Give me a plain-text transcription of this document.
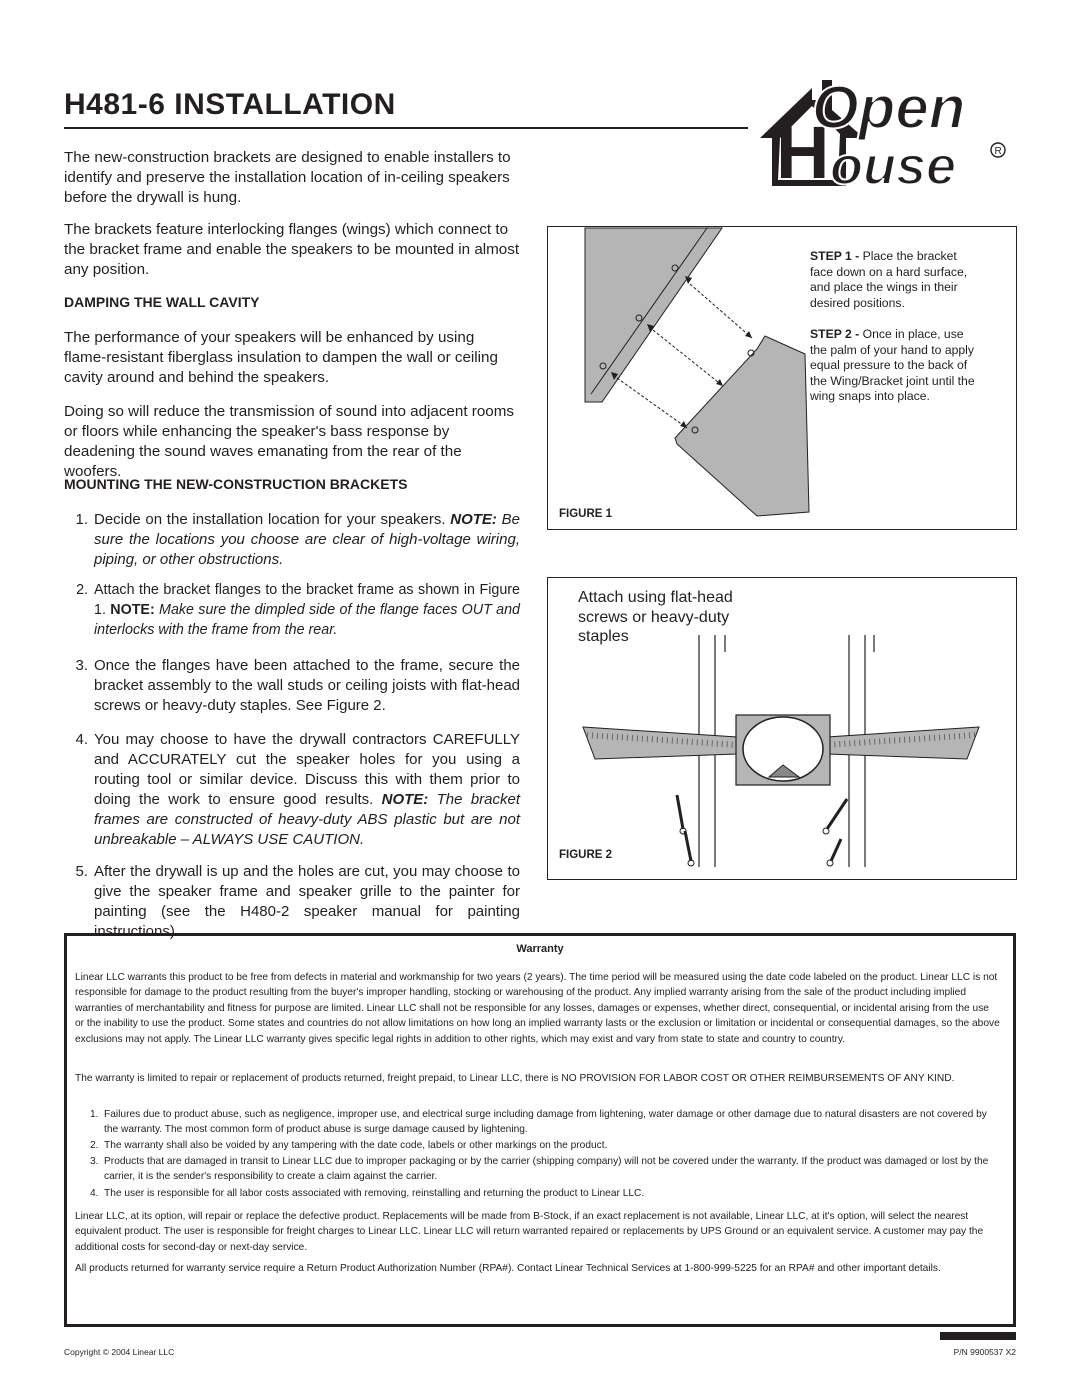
H481-6 INSTALLATION
H
Open
ouse	R

The new-construction brackets are designed to enable installers to identify and preserve the installation location of in-ceiling speakers before the drywall is hung.

The brackets feature interlocking flanges (wings) which connect to the bracket frame and enable the speakers to be mounted in almost any position.

DAMPING THE WALL CAVITY

The performance of your speakers will be enhanced by using flame-resistant fiberglass insulation to dampen the wall or ceiling cavity around and behind the speakers.

Doing so will reduce the transmission of sound into adjacent rooms or floors while enhancing the speaker's bass response by deadening the sound waves emanating from the rear of the woofers.

MOUNTING THE NEW-CONSTRUCTION BRACKETS
1. Decide on the installation location for your speakers. NOTE: Be sure the locations you choose are clear of high-voltage wiring, piping, or other obstructions.
2. Attach the bracket flanges to the bracket frame as shown in Figure 1. NOTE: Make sure the dimpled side of the flange faces OUT and interlocks with the frame from the rear.
3. Once the flanges have been attached to the frame, secure the bracket assembly to the wall studs or ceiling joists with flat-head screws or heavy-duty staples. See Figure 2.
4. You may choose to have the drywall contractors CAREFULLY and ACCURATELY cut the speaker holes for you using a routing tool or similar device. Discuss this with them prior to doing the work to ensure good results. NOTE: The bracket frames are constructed of heavy-duty ABS plastic but are not unbreakable – ALWAYS USE CAUTION.
5. After the drywall is up and the holes are cut, you may choose to give the speaker frame and speaker grille to the painter for painting (see the H480-2 speaker manual for painting instructions).
STEP 1 - Place the bracket face down on a hard surface, and place the wings in their desired positions.
STEP 2 - Once in place, use the palm of your hand to apply equal pressure to the back of the Wing/Bracket joint until the wing snaps into place.
FIGURE 1
Attach using flat-head screws or heavy-duty staples
FIGURE 2
Warranty

Linear LLC warrants this product to be free from defects in material and workmanship for two years (2 years). The time period will be measured using the date code labeled on the product. Linear LLC is not responsible for damage to the product resulting from the buyer's improper handling, stocking or warehousing of the product. Any implied warranty arising from the sale of the product including implied warranties of merchantability and fitness for purpose are limited. Linear LLC shall not be responsible for any losses, damages or expenses, whether direct, consequential, or incidental arising from the use or the inability to use the product. Some states and countries do not allow limitations on how long an implied warranty lasts or the exclusion or limitation or incidental or consequential damages, so the above exclusions may not apply. The Linear LLC warranty gives specific legal rights in addition to other rights, which may exist and vary from state to state and country to country.

The warranty is limited to repair or replacement of products returned, freight prepaid, to Linear LLC, there is NO PROVISION FOR LABOR COST OR OTHER REIMBURSEMENTS OF ANY KIND.

1. Failures due to product abuse, such as negligence, improper use, and electrical surge including damage from lightening, water damage or other damage due to natural disasters are not covered by the warranty. The most common form of product abuse is surge damage caused by lightening.
2. The warranty shall also be voided by any tampering with the date code, labels or other markings on the product.
3. Products that are damaged in transit to Linear LLC due to improper packaging or by the carrier (shipping company) will not be covered under the warranty. If the product was damaged or lost by the carrier, it is the sender's responsibility to create a claim against the carrier.
4. The user is responsible for all labor costs associated with removing, reinstalling and returning the product to Linear LLC.

Linear LLC, at its option, will repair or replace the defective product. Replacements will be made from B-Stock, if an exact replacement is not available, Linear LLC, at it's option, will select the nearest equivalent product. The user is responsible for freight charges to Linear LLC. Linear LLC will return warranted repaired or replacements by UPS Ground or an equivalent service. A customer may pay the additional costs for second-day or next-day service.

All products returned for warranty service require a Return Product Authorization Number (RPA#). Contact Linear Technical Services at 1-800-999-5225 for an RPA# and other important details.

Copyright © 2004 Linear LLC	P/N 9900537 X2
